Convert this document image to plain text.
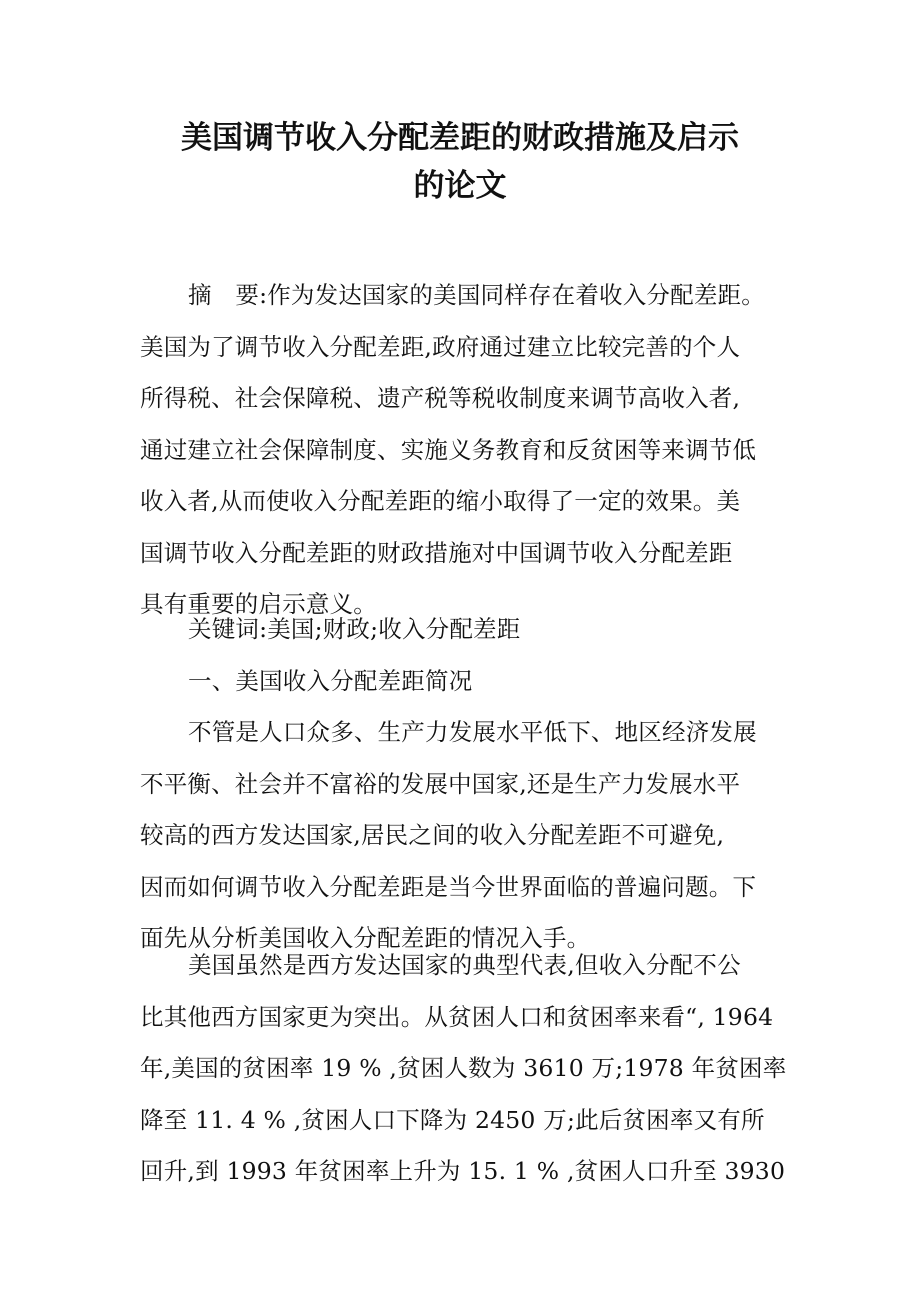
美国调节收入分配差距的财政措施及启示
的论文
摘　要:作为发达国家的美国同样存在着收入分配差距。
美国为了调节收入分配差距,政府通过建立比较完善的个人
所得税、社会保障税、遗产税等税收制度来调节高收入者,
通过建立社会保障制度、实施义务教育和反贫困等来调节低
收入者,从而使收入分配差距的缩小取得了一定的效果。美
国调节收入分配差距的财政措施对中国调节收入分配差距
具有重要的启示意义。
关键词:美国;财政;收入分配差距
一、美国收入分配差距简况
不管是人口众多、生产力发展水平低下、地区经济发展
不平衡、社会并不富裕的发展中国家,还是生产力发展水平
较高的西方发达国家,居民之间的收入分配差距不可避免,
因而如何调节收入分配差距是当今世界面临的普遍问题。下
面先从分析美国收入分配差距的情况入手。
美国虽然是西方发达国家的典型代表,但收入分配不公
比其他西方国家更为突出。从贫困人口和贫困率来看“, 1964
年,美国的贫困率 19 % ,贫困人数为 3610 万;1978 年贫困率
降至 11. 4 % ,贫困人口下降为 2450 万;此后贫困率又有所
回升,到 1993 年贫困率上升为 15. 1 % ,贫困人口升至 3930
